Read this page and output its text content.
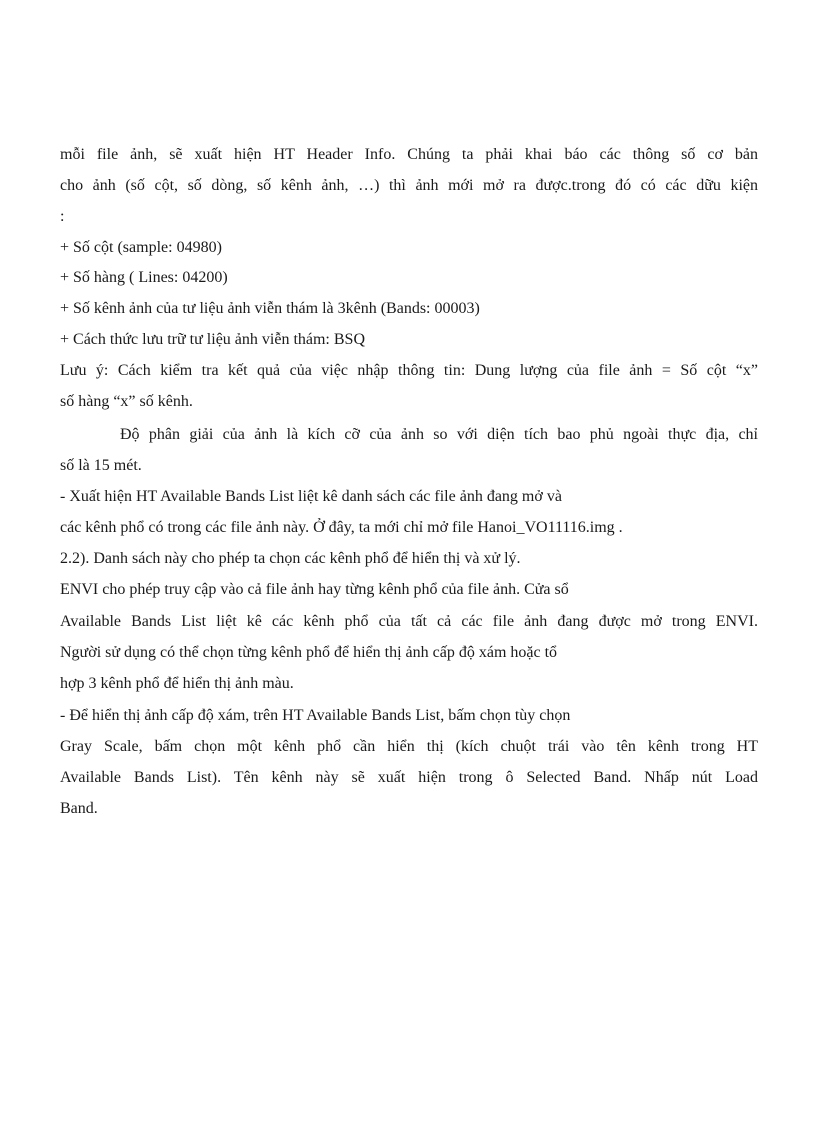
mỗi file ảnh, sẽ xuất hiện HT Header Info. Chúng ta phải khai báo các thông số cơ bản

cho ảnh (số cột, số dòng, số kênh ảnh, …) thì ảnh mới mở ra được.trong đó có các dữu kiện

:

+ Số cột (sample: 04980)

+ Số hàng ( Lines: 04200)

+ Số kênh ảnh của tư liệu ảnh viễn thám là 3kênh (Bands: 00003)

+ Cách thức lưu trữ tư liệu ảnh viễn thám: BSQ

Lưu ý: Cách kiểm tra kết quả của việc nhập thông tin: Dung lượng của file ảnh = Số cột “x”

số hàng “x” số kênh.

Độ phân giải của ảnh là kích cỡ của ảnh so với diện tích bao phủ ngoài thực địa, chỉ

số là 15 mét.

- Xuất hiện HT Available Bands List liệt kê danh sách các file ảnh đang mở và

các kênh phổ có trong các file ảnh này. Ở đây, ta mới chỉ mở file Hanoi_VO11116.img .

2.2). Danh sách này cho phép ta chọn các kênh phổ để hiển thị và xử lý.

ENVI cho phép truy cập vào cả file ảnh hay từng kênh phổ của file ảnh. Cửa sổ

Available Bands List liệt kê các kênh phổ của tất cả các file ảnh đang được mở trong ENVI.

Người sử dụng có thể chọn từng kênh phổ để hiển thị ảnh cấp độ xám hoặc tổ

hợp 3 kênh phổ để hiển thị ảnh màu.

- Để hiển thị ảnh cấp độ xám, trên HT Available Bands List, bấm chọn tùy chọn

Gray Scale, bấm chọn một kênh phổ cần hiển thị (kích chuột trái vào tên kênh trong HT

Available Bands List). Tên kênh này sẽ xuất hiện trong ô Selected Band. Nhấp nút Load

Band.
